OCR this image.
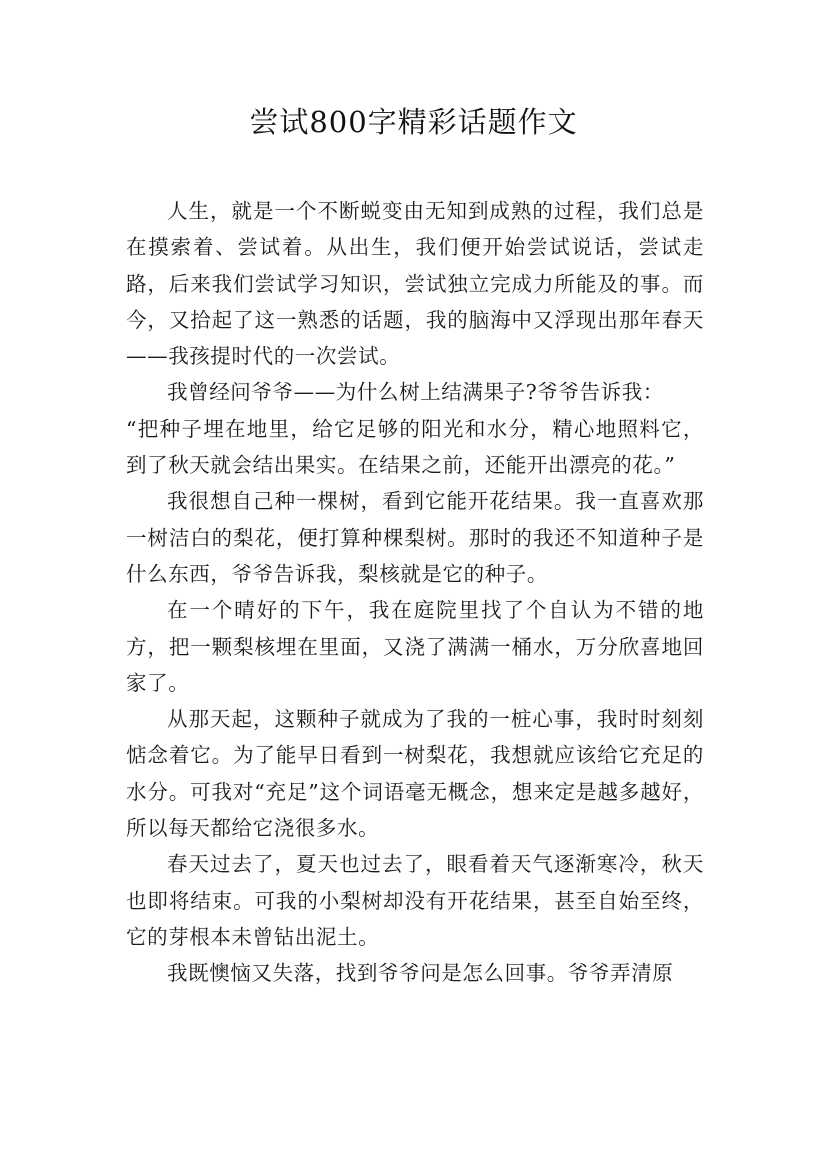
尝试800字精彩话题作文

人生，就是一个不断蜕变由无知到成熟的过程，我们总是在摸索着、尝试着。从出生，我们便开始尝试说话，尝试走路，后来我们尝试学习知识，尝试独立完成力所能及的事。而今，又拾起了这一熟悉的话题，我的脑海中又浮现出那年春天——我孩提时代的一次尝试。

我曾经问爷爷——为什么树上结满果子?爷爷告诉我：

“把种子埋在地里，给它足够的阳光和水分，精心地照料它，到了秋天就会结出果实。在结果之前，还能开出漂亮的花。”

我很想自己种一棵树，看到它能开花结果。我一直喜欢那一树洁白的梨花，便打算种棵梨树。那时的我还不知道种子是什么东西，爷爷告诉我，梨核就是它的种子。

在一个晴好的下午，我在庭院里找了个自认为不错的地方，把一颗梨核埋在里面，又浇了满满一桶水，万分欣喜地回家了。

从那天起，这颗种子就成为了我的一桩心事，我时时刻刻惦念着它。为了能早日看到一树梨花，我想就应该给它充足的水分。可我对“充足”这个词语毫无概念，想来定是越多越好，所以每天都给它浇很多水。

春天过去了，夏天也过去了，眼看着天气逐渐寒冷，秋天也即将结束。可我的小梨树却没有开花结果，甚至自始至终，它的芽根本未曾钻出泥土。

我既懊恼又失落，找到爷爷问是怎么回事。爷爷弄清原
